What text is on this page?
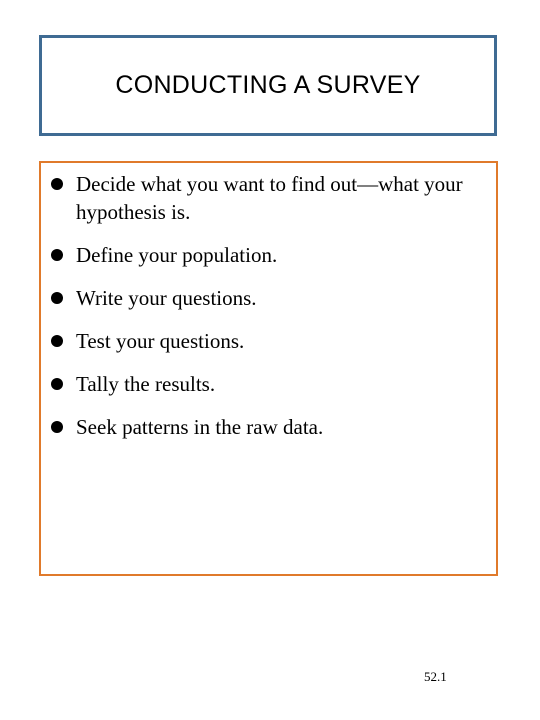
CONDUCTING A SURVEY
Decide what you want to find out—what your hypothesis is.
Define your population.
Write your questions.
Test your questions.
Tally the results.
Seek patterns in the raw data.
52.1
